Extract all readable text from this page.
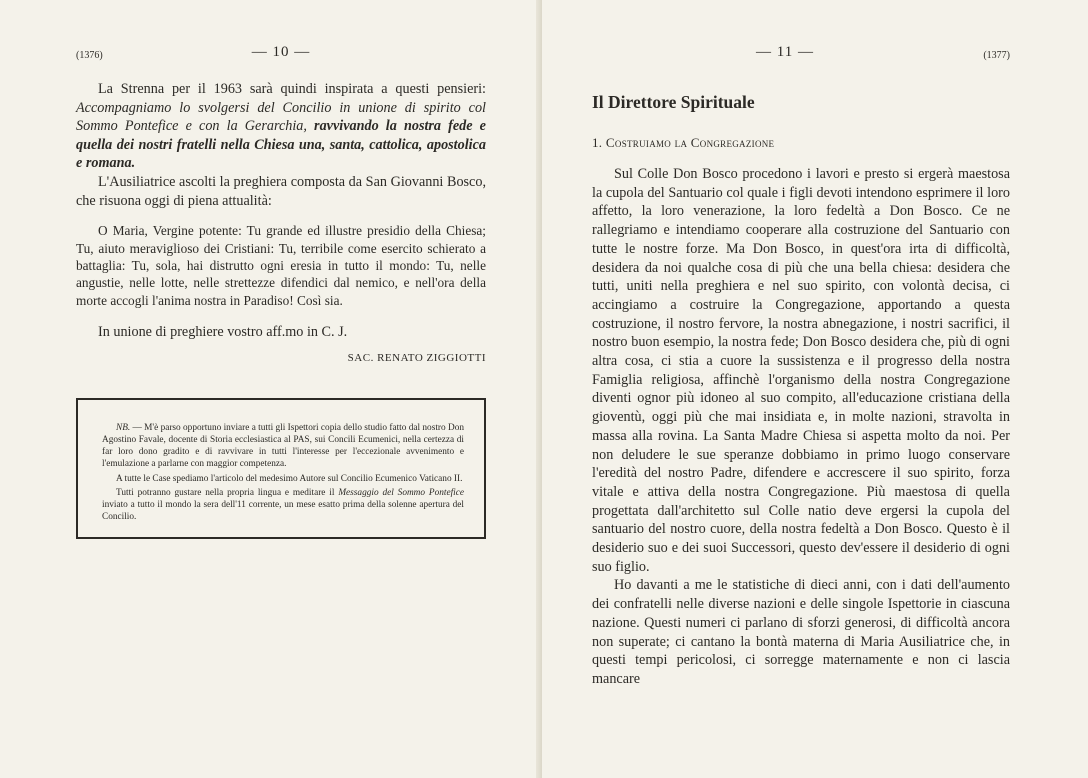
(1376)	— 10 —

La Strenna per il 1963 sarà quindi inspirata a questi pensieri: Accompagniamo lo svolgersi del Concilio in unione di spirito col Sommo Pontefice e con la Gerarchia, ravvivando la nostra fede e quella dei nostri fratelli nella Chiesa una, santa, cattolica, apostolica e romana.

L'Ausiliatrice ascolti la preghiera composta da San Giovanni Bosco, che risuona oggi di piena attualità:

O Maria, Vergine potente: Tu grande ed illustre presidio della Chiesa; Tu, aiuto meraviglioso dei Cristiani: Tu, terribile come esercito schierato a battaglia: Tu, sola, hai distrutto ogni eresia in tutto il mondo: Tu, nelle angustie, nelle lotte, nelle strettezze difendici dal nemico, e nell'ora della morte accogli l'anima nostra in Paradiso! Così sia.

In unione di preghiere vostro aff.mo in C. J.

SAC. RENATO ZIGGIOTTI

NB. — M'è parso opportuno inviare a tutti gli Ispettori copia dello studio fatto dal nostro Don Agostino Favale, docente di Storia ecclesiastica al PAS, sui Concili Ecumenici, nella certezza di far loro dono gradito e di ravvivare in tutti l'interesse per l'eccezionale avvenimento e l'emulazione a parlarne con maggior competenza.

A tutte le Case spediamo l'articolo del medesimo Autore sul Concilio Ecumenico Vaticano II.

Tutti potranno gustare nella propria lingua e meditare il Messaggio del Sommo Pontefice inviato a tutto il mondo la sera dell'11 corrente, un mese esatto prima della solenne apertura del Concilio.

— 11 —	(1377)
Il Direttore Spirituale
1. Costruiamo la Congregazione

Sul Colle Don Bosco procedono i lavori e presto si ergerà maestosa la cupola del Santuario col quale i figli devoti intendono esprimere il loro affetto, la loro venerazione, la loro fedeltà a Don Bosco. Ce ne rallegriamo e intendiamo cooperare alla costruzione del Santuario con tutte le nostre forze. Ma Don Bosco, in quest'ora irta di difficoltà, desidera da noi qualche cosa di più che una bella chiesa: desidera che tutti, uniti nella preghiera e nel suo spirito, con volontà decisa, ci accingiamo a costruire la Congregazione, apportando a questa costruzione, il nostro fervore, la nostra abnegazione, i nostri sacrifici, il nostro buon esempio, la nostra fede; Don Bosco desidera che, più di ogni altra cosa, ci stia a cuore la sussistenza e il progresso della nostra Famiglia religiosa, affinchè l'organismo della nostra Congregazione diventi ognor più idoneo al suo compito, all'educazione cristiana della gioventù, oggi più che mai insidiata e, in molte nazioni, stravolta in massa alla rovina. La Santa Madre Chiesa si aspetta molto da noi. Per non deludere le sue speranze dobbiamo in primo luogo conservare l'eredità del nostro Padre, difendere e accrescere il suo spirito, forza vitale e attiva della nostra Congregazione. Più maestosa di quella progettata dall'architetto sul Colle natio deve ergersi la cupola del santuario del nostro cuore, della nostra fedeltà a Don Bosco. Questo è il desiderio suo e dei suoi Successori, questo dev'essere il desiderio di ogni suo figlio.

Ho davanti a me le statistiche di dieci anni, con i dati dell'aumento dei confratelli nelle diverse nazioni e delle singole Ispettorie in ciascuna nazione. Questi numeri ci parlano di sforzi generosi, di difficoltà ancora non superate; ci cantano la bontà materna di Maria Ausiliatrice che, in questi tempi pericolosi, ci sorregge maternamente e non ci lascia mancare
